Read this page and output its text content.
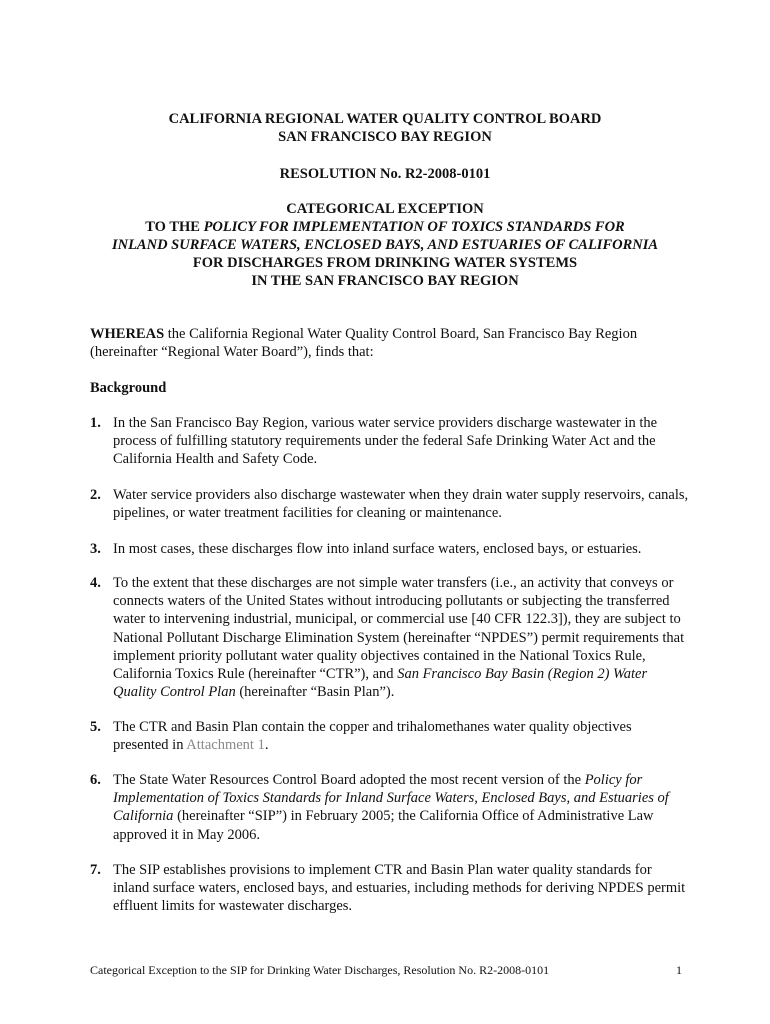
CALIFORNIA REGIONAL WATER QUALITY CONTROL BOARD
SAN FRANCISCO BAY REGION
RESOLUTION No. R2-2008-0101
CATEGORICAL EXCEPTION
TO THE POLICY FOR IMPLEMENTATION OF TOXICS STANDARDS FOR
INLAND SURFACE WATERS, ENCLOSED BAYS, AND ESTUARIES OF CALIFORNIA
FOR DISCHARGES FROM DRINKING WATER SYSTEMS
IN THE SAN FRANCISCO BAY REGION
WHEREAS the California Regional Water Quality Control Board, San Francisco Bay Region (hereinafter “Regional Water Board”), finds that:
Background
1. In the San Francisco Bay Region, various water service providers discharge wastewater in the process of fulfilling statutory requirements under the federal Safe Drinking Water Act and the California Health and Safety Code.
2. Water service providers also discharge wastewater when they drain water supply reservoirs, canals, pipelines, or water treatment facilities for cleaning or maintenance.
3. In most cases, these discharges flow into inland surface waters, enclosed bays, or estuaries.
4. To the extent that these discharges are not simple water transfers (i.e., an activity that conveys or connects waters of the United States without introducing pollutants or subjecting the transferred water to intervening industrial, municipal, or commercial use [40 CFR 122.3]), they are subject to National Pollutant Discharge Elimination System (hereinafter “NPDES”) permit requirements that implement priority pollutant water quality objectives contained in the National Toxics Rule, California Toxics Rule (hereinafter “CTR”), and San Francisco Bay Basin (Region 2) Water Quality Control Plan (hereinafter “Basin Plan”).
5. The CTR and Basin Plan contain the copper and trihalomethanes water quality objectives presented in Attachment 1.
6. The State Water Resources Control Board adopted the most recent version of the Policy for Implementation of Toxics Standards for Inland Surface Waters, Enclosed Bays, and Estuaries of California (hereinafter “SIP”) in February 2005; the California Office of Administrative Law approved it in May 2006.
7. The SIP establishes provisions to implement CTR and Basin Plan water quality standards for inland surface waters, enclosed bays, and estuaries, including methods for deriving NPDES permit effluent limits for wastewater discharges.
Categorical Exception to the SIP for Drinking Water Discharges, Resolution No. R2-2008-0101	1
